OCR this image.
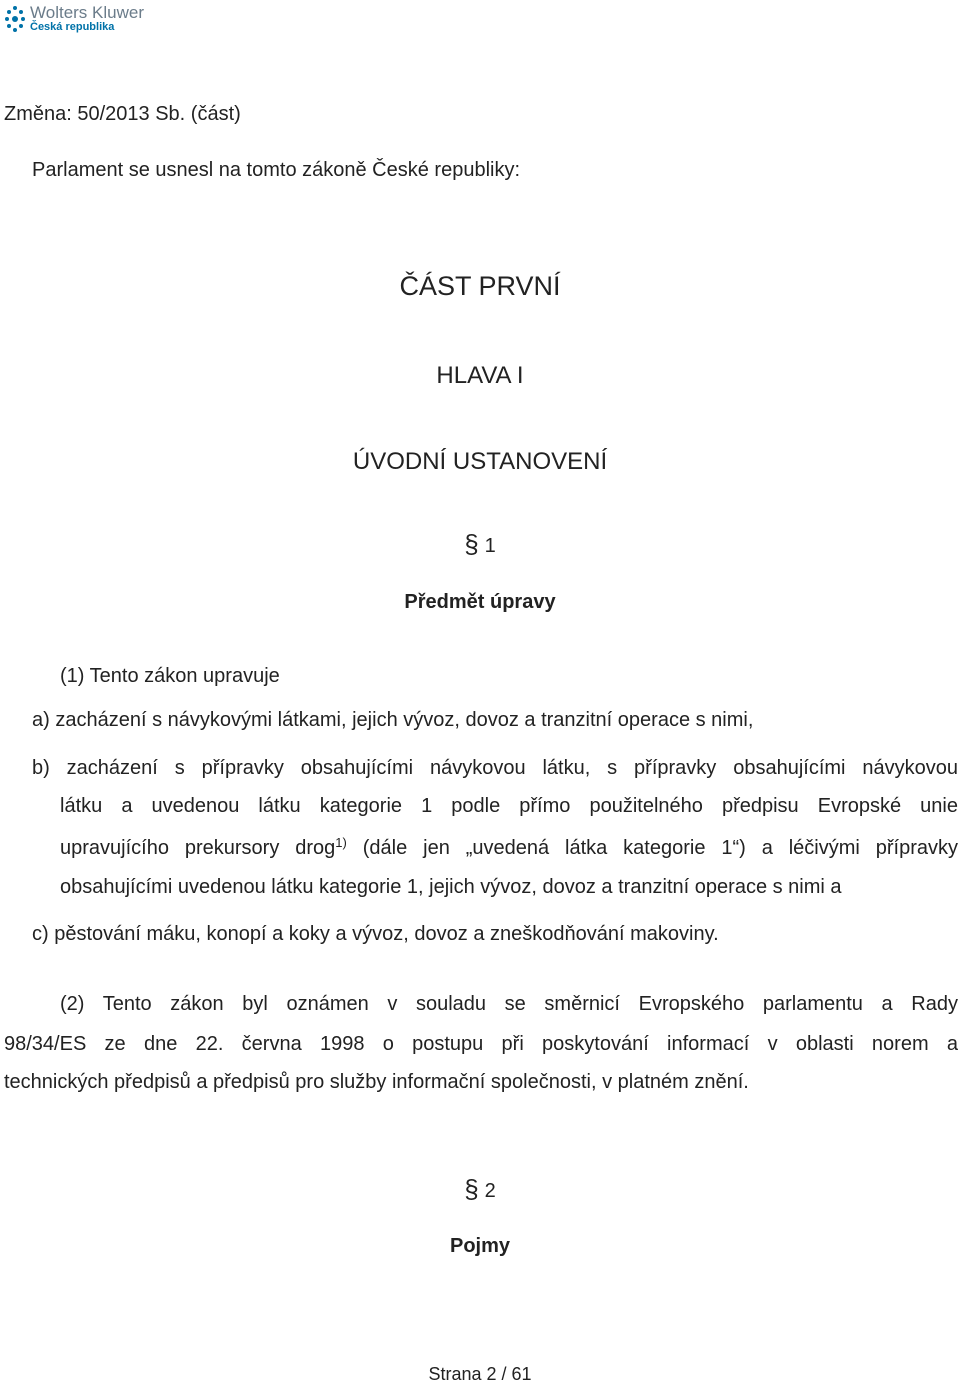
Wolters Kluwer
Česká republika

Změna: 50/2013 Sb. (část)

Parlament se usnesl na tomto zákoně České republiky:

ČÁST PRVNÍ

HLAVA I

ÚVODNÍ USTANOVENÍ

§ 1

Předmět úpravy

(1) Tento zákon upravuje

a) zacházení s návykovými látkami, jejich vývoz, dovoz a tranzitní operace s nimi,

b) zacházení s přípravky obsahujícími návykovou látku, s přípravky obsahujícími návykovou

látku a uvedenou látku kategorie 1 podle přímo použitelného předpisu Evropské unie

upravujícího prekursory drog$^{1)}$ (dále jen „uvedená látka kategorie 1“) a léčivými přípravky

obsahujícími uvedenou látku kategorie 1, jejich vývoz, dovoz a tranzitní operace s nimi a

c) pěstování máku, konopí a koky a vývoz, dovoz a zneškodňování makoviny.

(2) Tento zákon byl oznámen v souladu se směrnicí Evropského parlamentu a Rady

98/34/ES ze dne 22. června 1998 o postupu při poskytování informací v oblasti norem a

technických předpisů a předpisů pro služby informační společnosti, v platném znění.

§ 2

Pojmy

Strana 2 / 61
